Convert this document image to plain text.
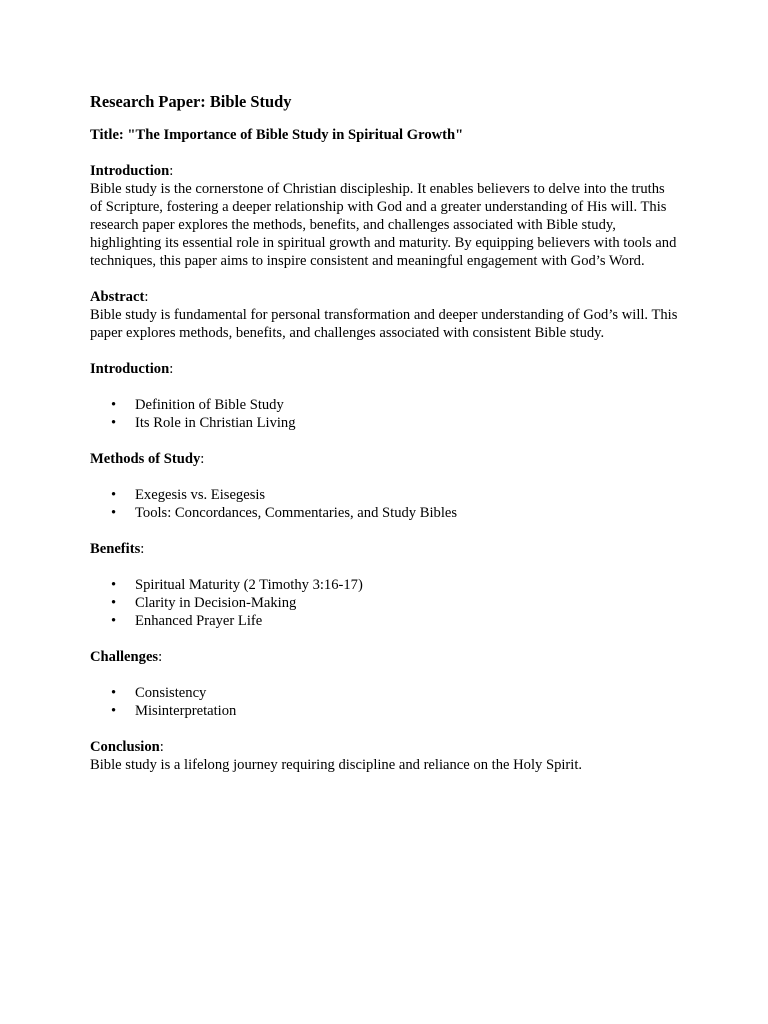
Research Paper: Bible Study
Title: "The Importance of Bible Study in Spiritual Growth"
Introduction:

Bible study is the cornerstone of Christian discipleship. It enables believers to delve into the truths of Scripture, fostering a deeper relationship with God and a greater understanding of His will. This research paper explores the methods, benefits, and challenges associated with Bible study, highlighting its essential role in spiritual growth and maturity. By equipping believers with tools and techniques, this paper aims to inspire consistent and meaningful engagement with God’s Word.

Abstract:

Bible study is fundamental for personal transformation and deeper understanding of God’s will. This paper explores methods, benefits, and challenges associated with consistent Bible study.

Introduction:
• Definition of Bible Study
• Its Role in Christian Living
Methods of Study:
• Exegesis vs. Eisegesis
• Tools: Concordances, Commentaries, and Study Bibles
Benefits:
• Spiritual Maturity (2 Timothy 3:16-17)
• Clarity in Decision-Making
• Enhanced Prayer Life
Challenges:
• Consistency
• Misinterpretation
Conclusion:

Bible study is a lifelong journey requiring discipline and reliance on the Holy Spirit.
